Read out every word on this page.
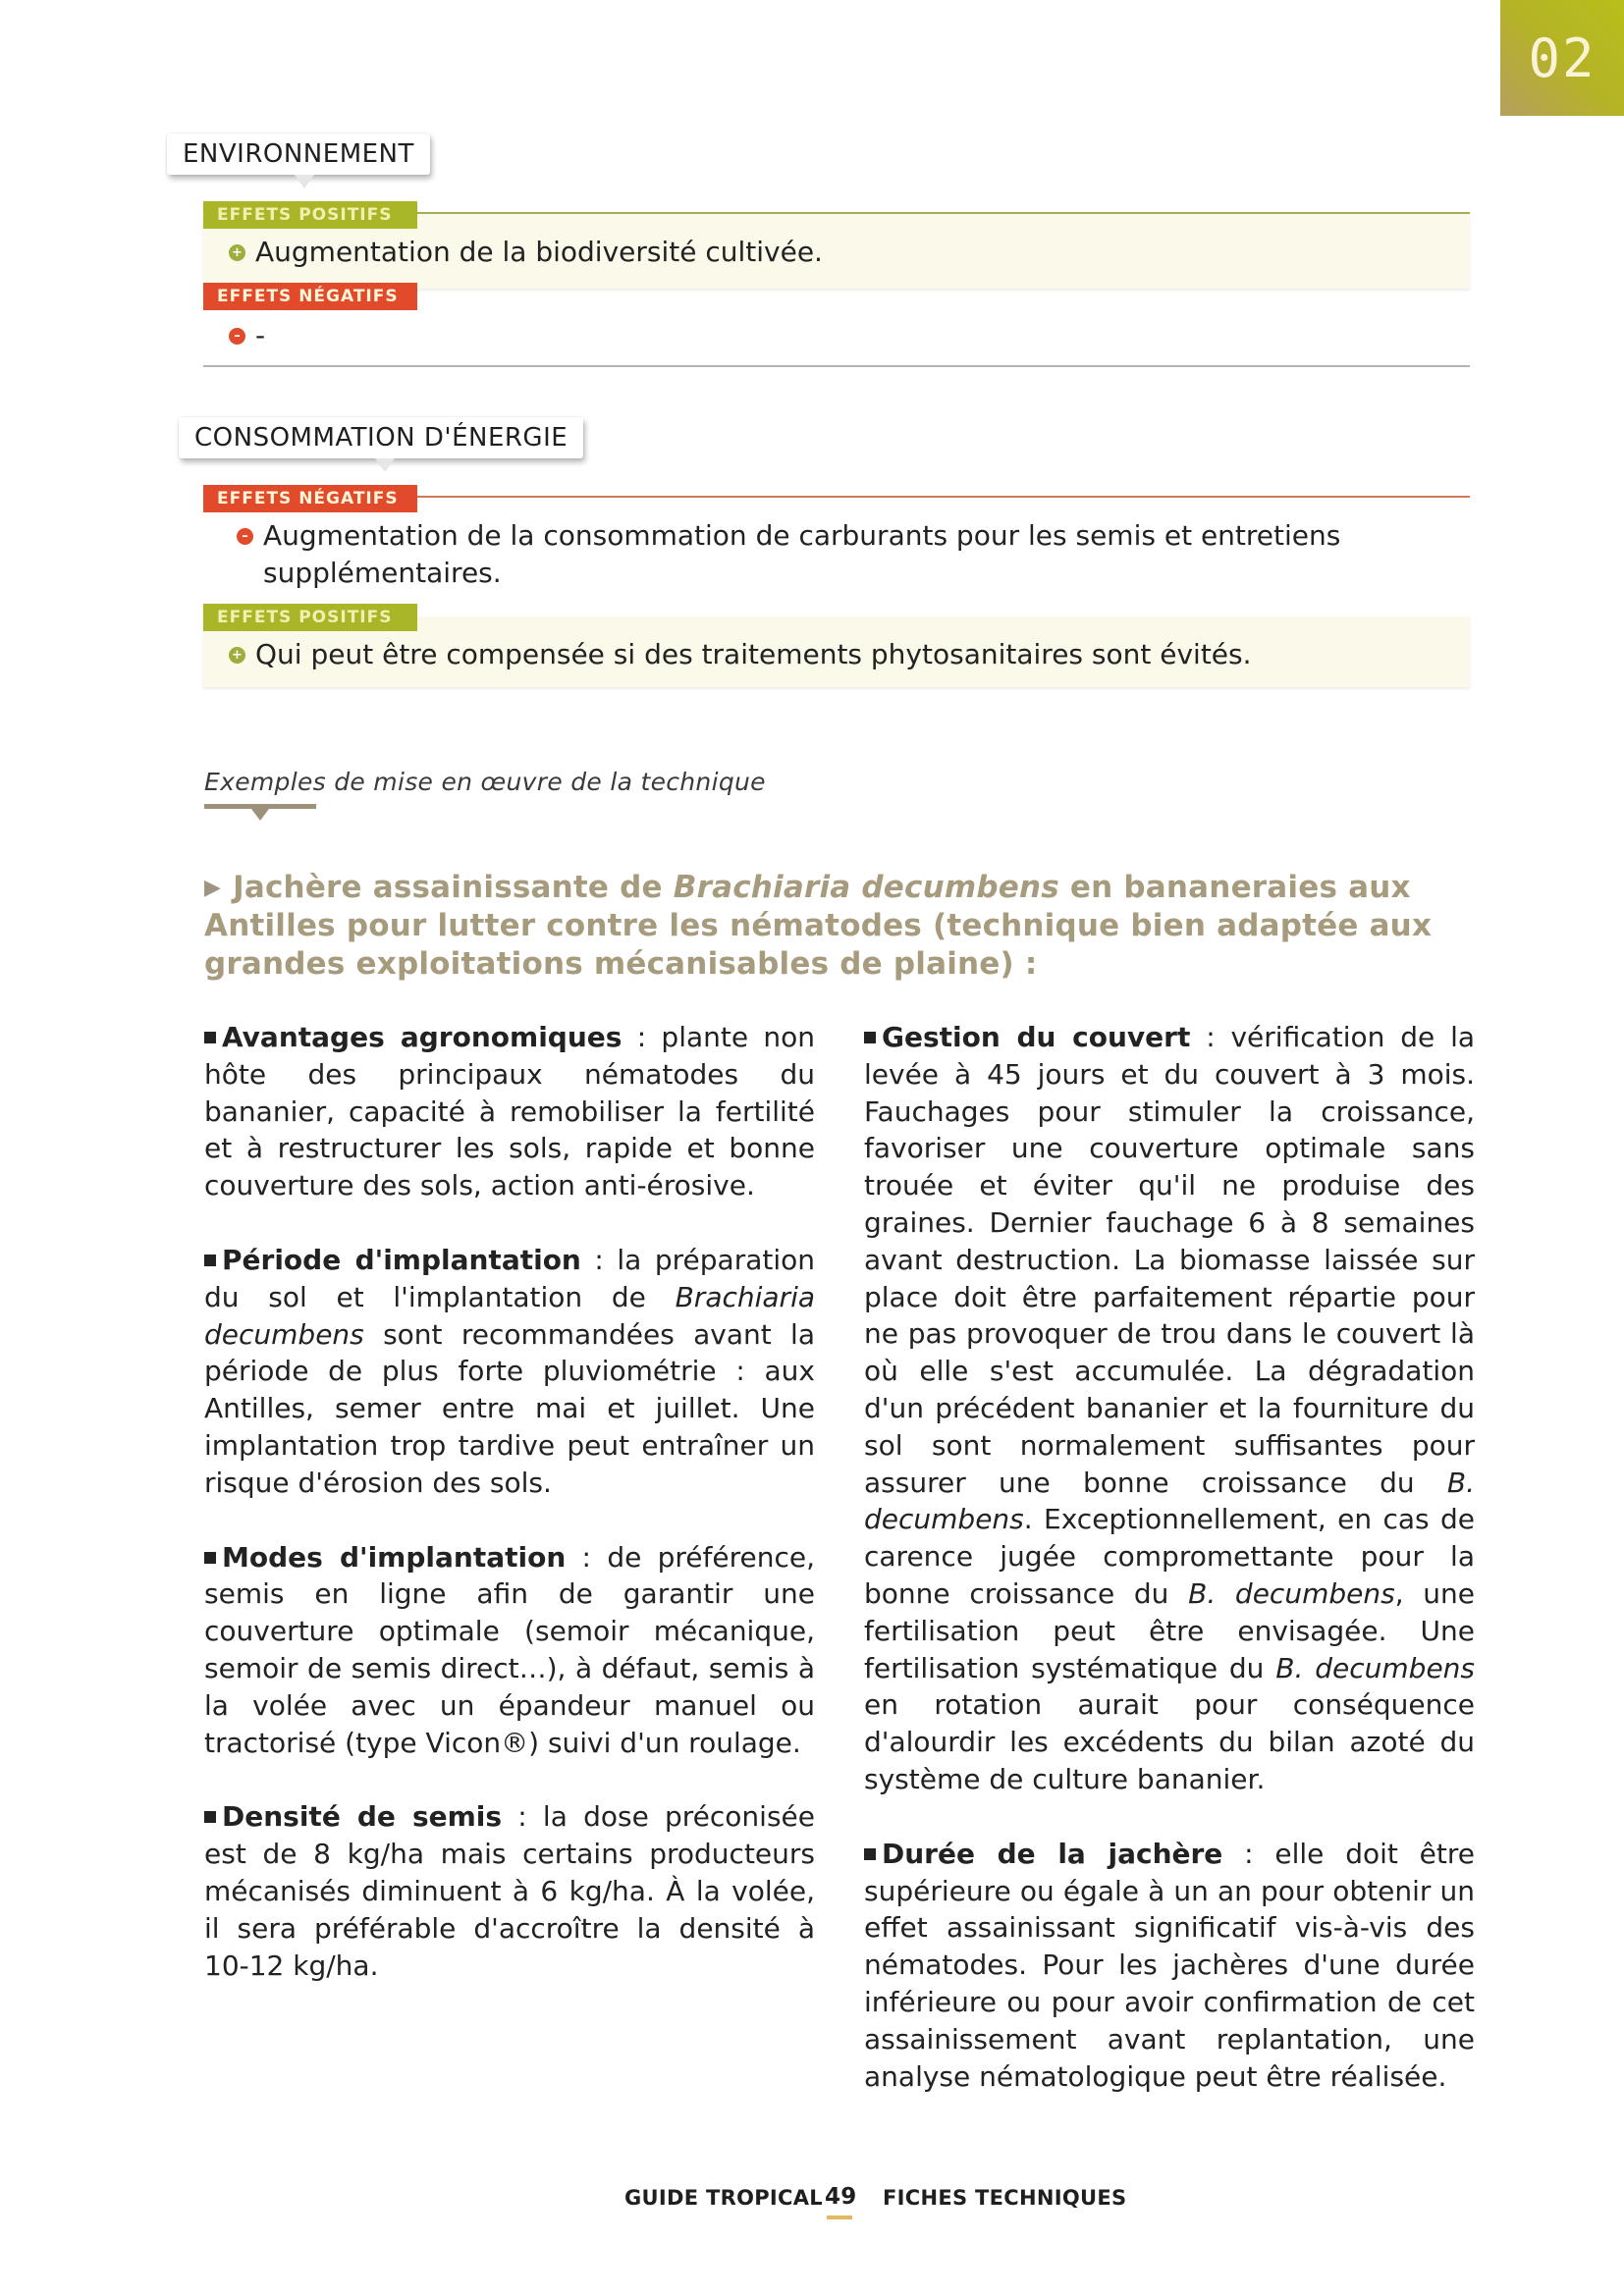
02
ENVIRONNEMENT
EFFETS POSITIFS
+ Augmentation de la biodiversité cultivée.
EFFETS NÉGATIFS
– -
CONSOMMATION D'ÉNERGIE
EFFETS NÉGATIFS
– Augmentation de la consommation de carburants pour les semis et entretiens supplémentaires.
EFFETS POSITIFS
+ Qui peut être compensée si des traitements phytosanitaires sont évités.
Exemples de mise en œuvre de la technique
▶ Jachère assainissante de Brachiaria decumbens en bananeraies aux Antilles pour lutter contre les nématodes (technique bien adaptée aux grandes exploitations mécanisables de plaine) :

Avantages agronomiques : plante non hôte des principaux nématodes du bananier, capacité à remobiliser la fertilité et à restructurer les sols, rapide et bonne couverture des sols, action anti-érosive.

Période d'implantation : la préparation du sol et l'implantation de Brachiaria decumbens sont recommandées avant la période de plus forte pluviométrie : aux Antilles, semer entre mai et juillet. Une implantation trop tardive peut entraîner un risque d'érosion des sols.

Modes d'implantation : de préférence, semis en ligne afin de garantir une couverture optimale (semoir mécanique, semoir de semis direct…), à défaut, semis à la volée avec un épandeur manuel ou tractorisé (type Vicon®) suivi d'un roulage.

Densité de semis : la dose préconisée est de 8 kg/ha mais certains producteurs mécanisés diminuent à 6 kg/ha. À la volée, il sera préférable d'accroître la densité à 10-12 kg/ha.

Gestion du couvert : vérification de la levée à 45 jours et du couvert à 3 mois. Fauchages pour stimuler la croissance, favoriser une couverture optimale sans trouée et éviter qu'il ne produise des graines. Dernier fauchage 6 à 8 semaines avant destruction. La biomasse laissée sur place doit être parfaitement répartie pour ne pas provoquer de trou dans le couvert là où elle s'est accumulée. La dégradation d'un précédent bananier et la fourniture du sol sont normalement suffisantes pour assurer une bonne croissance du B. decumbens. Exceptionnellement, en cas de carence jugée compromettante pour la bonne croissance du B. decumbens, une fertilisation peut être envisagée. Une fertilisation systématique du B. decumbens en rotation aurait pour conséquence d'alourdir les excédents du bilan azoté du système de culture bananier.

Durée de la jachère : elle doit être supérieure ou égale à un an pour obtenir un effet assainissant significatif vis-à-vis des nématodes. Pour les jachères d'une durée inférieure ou pour avoir confirmation de cet assainissement avant replantation, une analyse nématologique peut être réalisée.

GUIDE TROPICAL 49 FICHES TECHNIQUES
